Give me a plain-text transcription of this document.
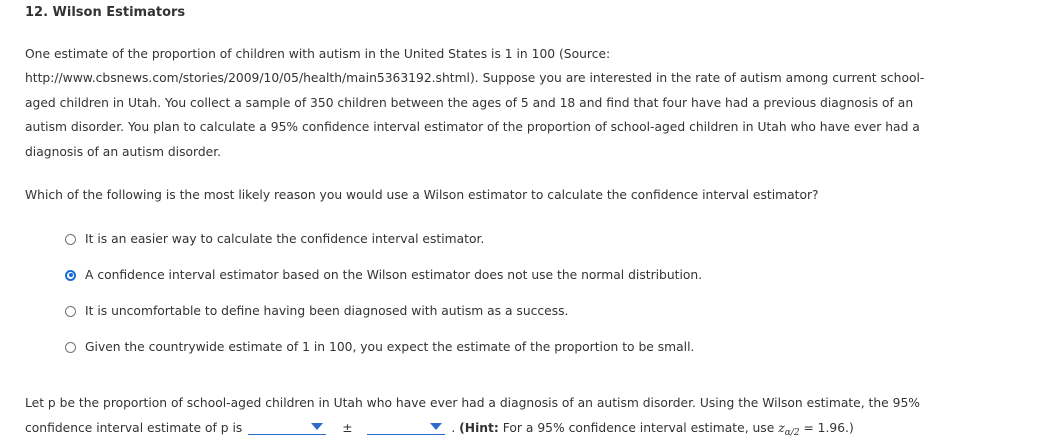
12. Wilson Estimators

One estimate of the proportion of children with autism in the United States is 1 in 100 (Source:

http://www.cbsnews.com/stories/2009/10/05/health/main5363192.shtml). Suppose you are interested in the rate of autism among current school-

aged children in Utah. You collect a sample of 350 children between the ages of 5 and 18 and find that four have had a previous diagnosis of an

autism disorder. You plan to calculate a 95% confidence interval estimator of the proportion of school-aged children in Utah who have ever had a

diagnosis of an autism disorder.

Which of the following is the most likely reason you would use a Wilson estimator to calculate the confidence interval estimator?
It is an easier way to calculate the confidence interval estimator.
A confidence interval estimator based on the Wilson estimator does not use the normal distribution.
It is uncomfortable to define having been diagnosed with autism as a success.
Given the countrywide estimate of 1 in 100, you expect the estimate of the proportion to be small.

Let p be the proportion of school-aged children in Utah who have ever had a diagnosis of an autism disorder. Using the Wilson estimate, the 95%

confidence interval estimate of p is	±	. (Hint: For a 95% confidence interval estimate, use $z_{\alpha/2} = 1.96$.)
